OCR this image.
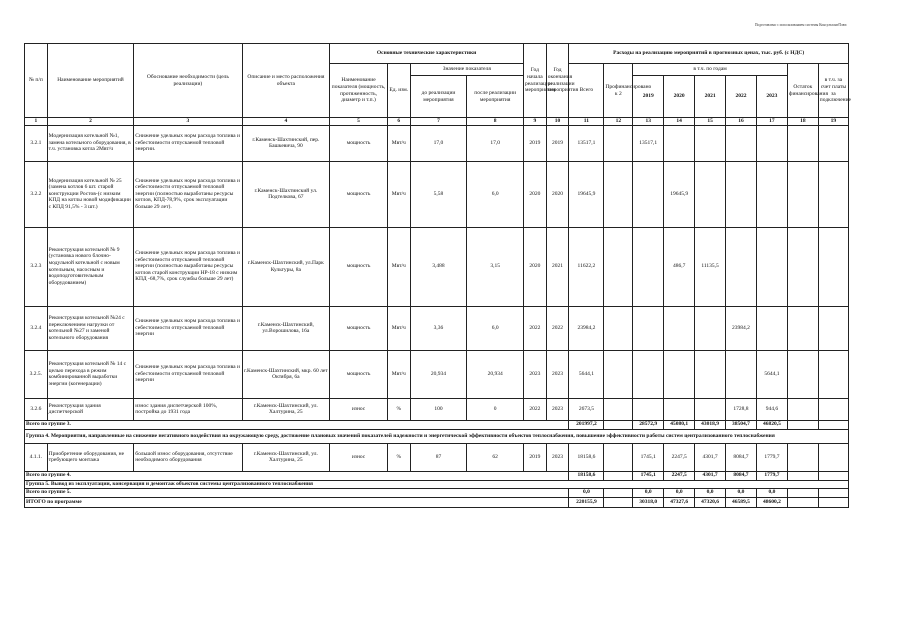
Подготовлено с использованием системы КонсультантПлюс
№ п/п	Наименование мероприятий	Обоснование необходимости (цель реализации)	Описание и место расположения объекта	Основные технические характеристики				Год начала реализации мероприятия	Год окончания реализации мероприятия	Расходы на реализацию мероприятий в прогнозных ценах, тыс. руб. (с НДС)								
				Наименование показателя (мощность, протяженность, диаметр и т.п.)	Ед. изм.	Значение показателя				Всего	Профинансировано к 2	в т.ч. по годам					Остаток финансирования	в т.ч. за счет платы за подключение
						до реализации мероприятия	после реализации мероприятия					2019	2020	2021	2022	2023		
1	2	3	4	5	6	7	8	9	10	11	12	13	14	15	16	17	18	19
3.2.1	Модернизация котельной №1, замена котельного оборудования, в т.ч. установка котла 2Мвт/ч	Снижение удельных норм расхода топлива и себестоимости отпускаемой тепловой энергии.	г.Каменск-Шахтинский, пер. Башкевича, 90	мощность	Мвт/ч	17,0	17,0	2019	2019	13517,1		13517,1						
3.2.2	Модернизация котельной № 25 (замена котлов 6 шт. старой конструкции Ростов-(с низким КПД на котлы новой модификации с КПД 91,5% - 3 шт.)	Снижение удельных норм расхода топлива и себестоимости отпускаемой тепловой энергии (полностью выработаны ресурсы котлов, КПД-78,9%, срок эксплуатации больше 29 лет).	г.Каменск-Шахтинский ул. Подтелкова, 67	мощность	Мвт/ч	5,58	6,0	2020	2020	19645,9			19645,9					
3.2.3	Реконструкция котельной № 9 (установка нового блочно-модульной котельной с новым котельным, насосным и водоподготовительным оборудованием)	Снижение удельных норм расхода топлива и себестоимости отпускаемой тепловой энергии (полностью выработаны ресурсы котлов старой конструкции НР-18 с низким КПД -68,7%, срок службы больше 29 лет)	г.Каменск-Шахтинский, ул.Парк Культуры, 8а	мощность	Мвт/ч	3,488	3,15	2020	2021	11622,2			486,7	11135,5				
3.2.4	Реконструкция котельной №24 с переключением нагрузки от котельной №27 и заменой котельного оборудования	Снижение удельных норм расхода топлива и себестоимости отпускаемой тепловой энергии	г.Каменск-Шахтинский, ул.Ворошилова, 16а	мощность	Мвт/ч	3,36	6,0	2022	2022	23984,2					23984,2			
3.2.5.	Реконструкция котельной № 14 с целью перехода в режим комбинированной выработки энергии (когенерации)	Снижение удельных норм расхода топлива и себестоимости отпускаемой тепловой энергии	г.Каменск-Шахтинский, мкр. 60 лет Октября, 6а	мощность	Мвт/ч	20,934	20,934	2023	2023	5644,1						5644,1		
3.2.6	Реконструкция здания диспетчерской	износ здания диспетчерской 100%, постройка до 1931 года	г.Каменск-Шахтинский, ул. Халтурина, 25	износ	%	100	0	2022	2023	2673,5					1728,8	944,6		
Всего по группе 3.										201997,2		28572,9	45080,1	43018,9	38504,7	46820,5		
Группа 4. Мероприятия, направленные на снижение негативного воздействия на окружающую среду, достижение плановых значений показателей надежности и энергетической эффективности объектов теплоснабжения, повышение эффективности работы систем централизованного теплоснабжения																		
4.1.1.	Приобретение оборудования, не требующего монтажа	большой износ оборудования, отсутствие необходимого оборудования	г.Каменск-Шахтинский, ул. Халтурина, 25	износ	%	87	62	2019	2023	18158,6		1745,1	2247,5	4301,7	8084,7	1779,7		
Всего по группе 4.										18158,6		1745,1	2247,5	4301,7	8084,7	1779,7		
Группа 5. Вывод из эксплуатации, консервация и демонтаж объектов системы централизованного теплоснабжения																		
Всего по группе 5.										0,0		0,0	0,0	0,0	0,0	0,0		
ИТОГО по программе										220155,9		30318,0	47327,6	47320,6	46589,5	48600,2		
